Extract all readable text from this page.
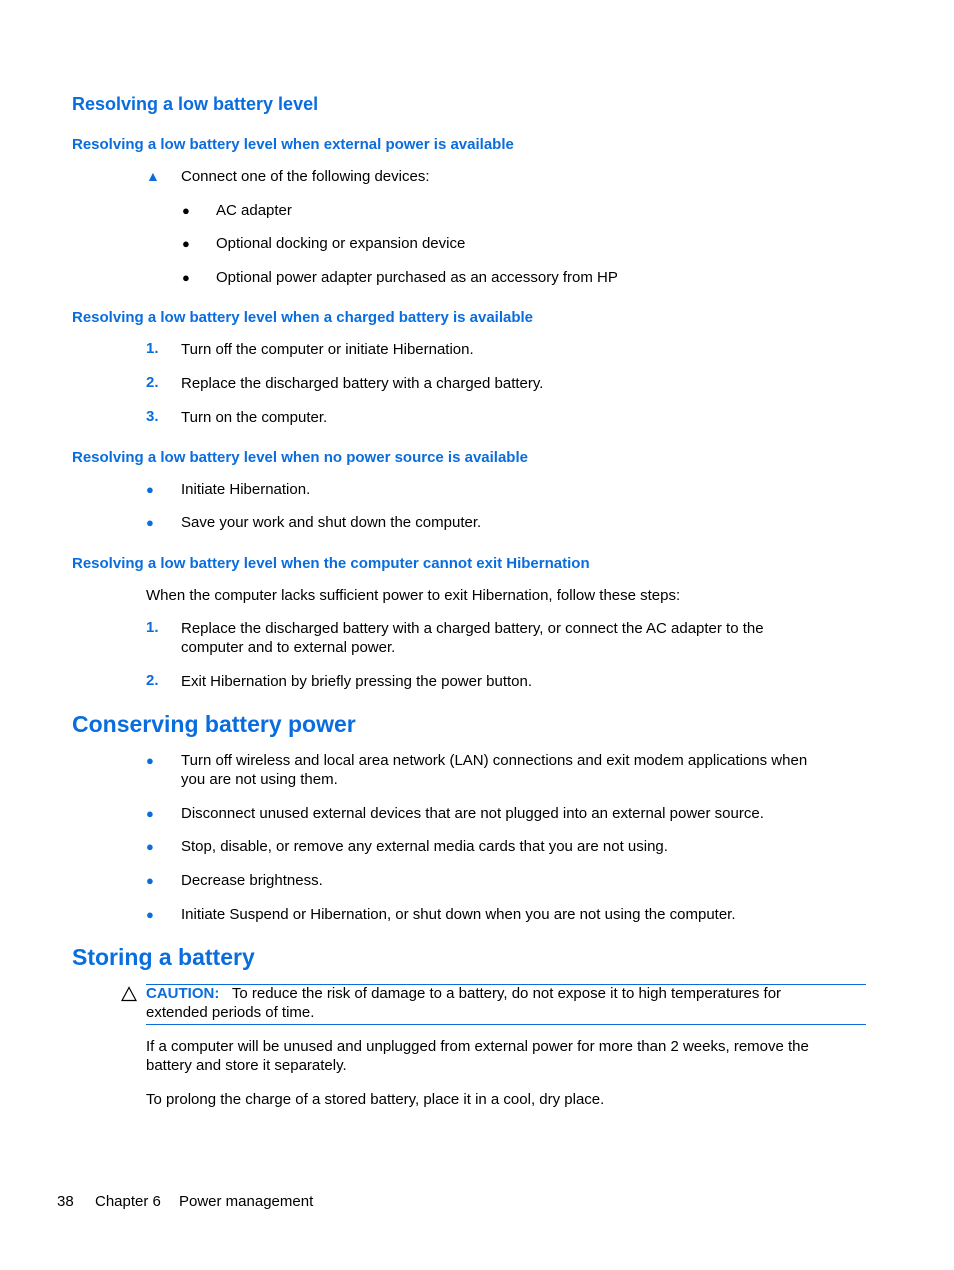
Resolving a low battery level
Resolving a low battery level when external power is available
▲ Connect one of the following devices:
● AC adapter
● Optional docking or expansion device
● Optional power adapter purchased as an accessory from HP
Resolving a low battery level when a charged battery is available
1. Turn off the computer or initiate Hibernation.
2. Replace the discharged battery with a charged battery.
3. Turn on the computer.
Resolving a low battery level when no power source is available
● Initiate Hibernation.
● Save your work and shut down the computer.
Resolving a low battery level when the computer cannot exit Hibernation
When the computer lacks sufficient power to exit Hibernation, follow these steps:
1. Replace the discharged battery with a charged battery, or connect the AC adapter to the
computer and to external power.
2. Exit Hibernation by briefly pressing the power button.
Conserving battery power
● Turn off wireless and local area network (LAN) connections and exit modem applications when
you are not using them.
● Disconnect unused external devices that are not plugged into an external power source.
● Stop, disable, or remove any external media cards that you are not using.
● Decrease brightness.
● Initiate Suspend or Hibernation, or shut down when you are not using the computer.
Storing a battery
CAUTION: To reduce the risk of damage to a battery, do not expose it to high temperatures for
extended periods of time.
If a computer will be unused and unplugged from external power for more than 2 weeks, remove the
battery and store it separately.
To prolong the charge of a stored battery, place it in a cool, dry place.
38 Chapter 6 Power management
